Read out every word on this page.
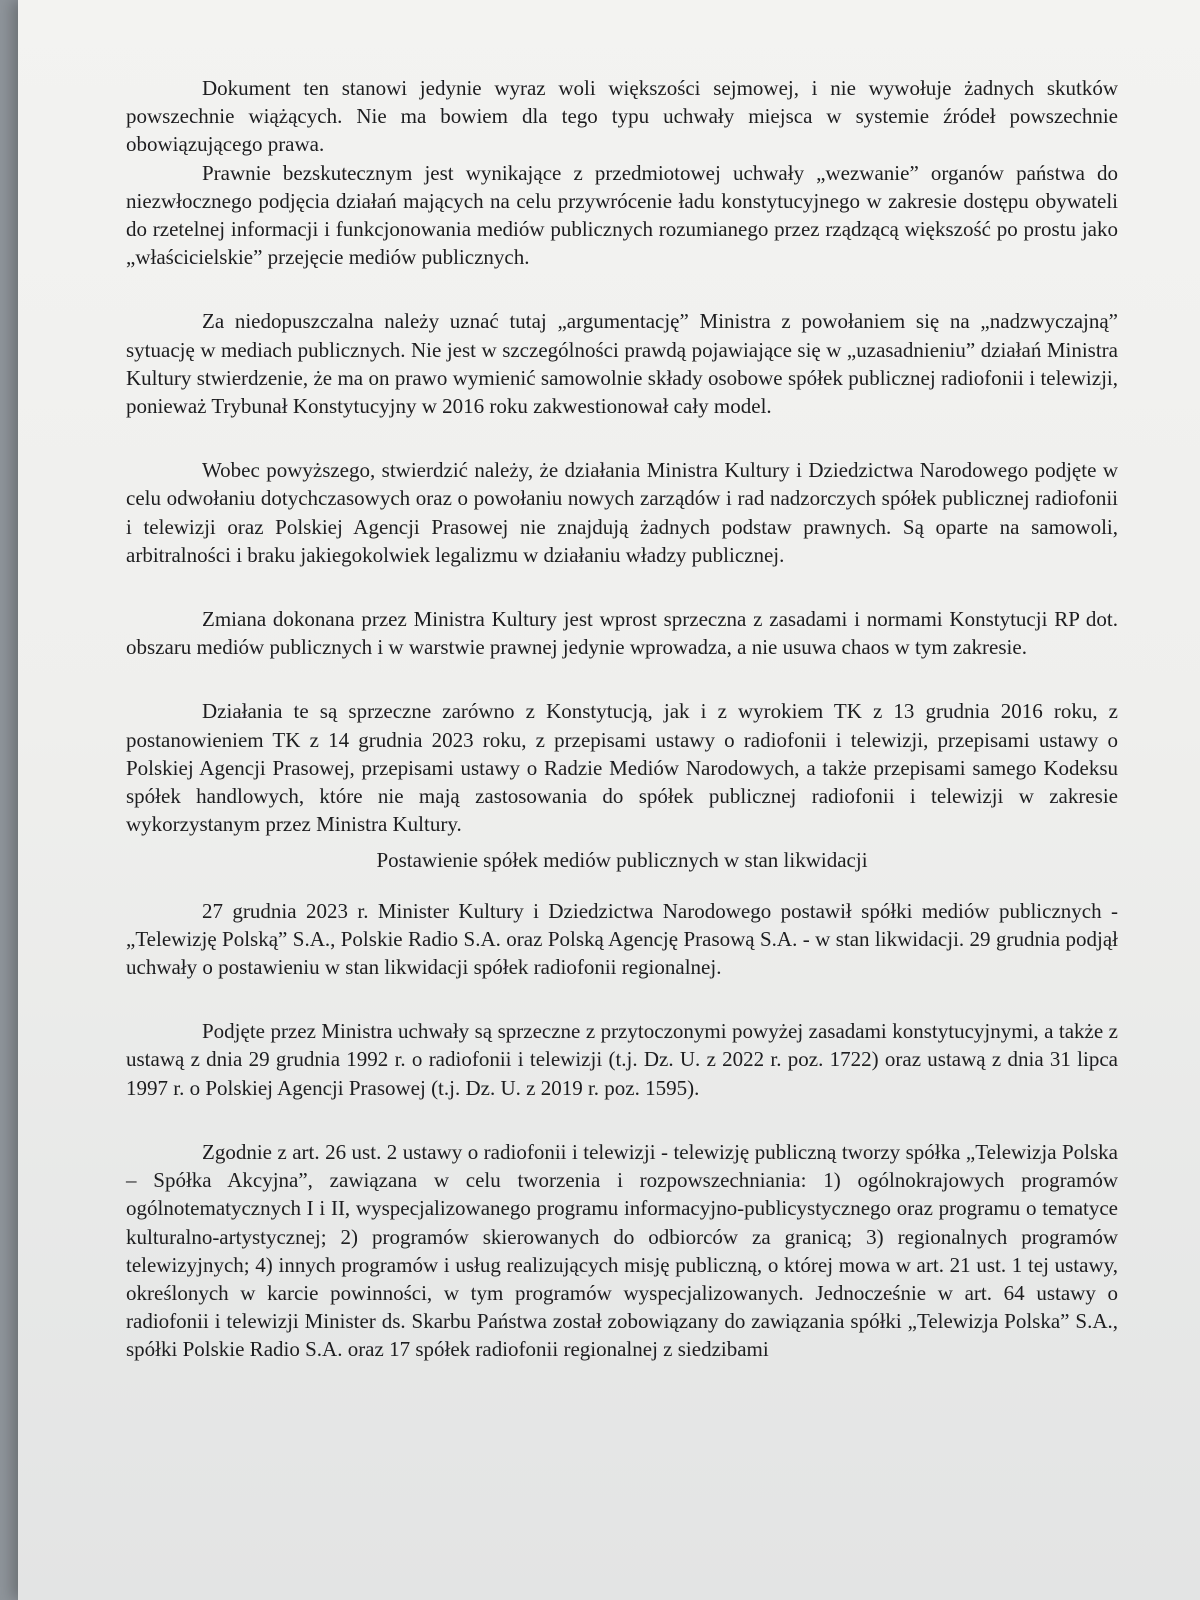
Dokument ten stanowi jedynie wyraz woli większości sejmowej, i nie wywołuje żadnych skutków powszechnie wiążących. Nie ma bowiem dla tego typu uchwały miejsca w systemie źródeł powszechnie obowiązującego prawa.

Prawnie bezskutecznym jest wynikające z przedmiotowej uchwały „wezwanie” organów państwa do niezwłocznego podjęcia działań mających na celu przywrócenie ładu konstytucyjnego w zakresie dostępu obywateli do rzetelnej informacji i funkcjonowania mediów publicznych rozumianego przez rządzącą większość po prostu jako „właścicielskie” przejęcie mediów publicznych.

Za niedopuszczalna należy uznać tutaj „argumentację” Ministra z powołaniem się na „nadzwyczajną” sytuację w mediach publicznych. Nie jest w szczególności prawdą pojawiające się w „uzasadnieniu” działań Ministra Kultury stwierdzenie, że ma on prawo wymienić samowolnie składy osobowe spółek publicznej radiofonii i telewizji, ponieważ Trybunał Konstytucyjny w 2016 roku zakwestionował cały model.

Wobec powyższego, stwierdzić należy, że działania Ministra Kultury i Dziedzictwa Narodowego podjęte w celu odwołaniu dotychczasowych oraz o powołaniu nowych zarządów i rad nadzorczych spółek publicznej radiofonii i telewizji oraz Polskiej Agencji Prasowej nie znajdują żadnych podstaw prawnych. Są oparte na samowoli, arbitralności i braku jakiegokolwiek legalizmu w działaniu władzy publicznej.

Zmiana dokonana przez Ministra Kultury jest wprost sprzeczna z zasadami i normami Konstytucji RP dot. obszaru mediów publicznych i w warstwie prawnej jedynie wprowadza, a nie usuwa chaos w tym zakresie.

Działania te są sprzeczne zarówno z Konstytucją, jak i z wyrokiem TK z 13 grudnia 2016 roku, z postanowieniem TK z 14 grudnia 2023 roku, z przepisami ustawy o radiofonii i telewizji, przepisami ustawy o Polskiej Agencji Prasowej, przepisami ustawy o Radzie Mediów Narodowych, a także przepisami samego Kodeksu spółek handlowych, które nie mają zastosowania do spółek publicznej radiofonii i telewizji w zakresie wykorzystanym przez Ministra Kultury.

Postawienie spółek mediów publicznych w stan likwidacji

27 grudnia 2023 r. Minister Kultury i Dziedzictwa Narodowego postawił spółki mediów publicznych - „Telewizję Polską” S.A., Polskie Radio S.A. oraz Polską Agencję Prasową S.A. - w stan likwidacji. 29 grudnia podjął uchwały o postawieniu w stan likwidacji spółek radiofonii regionalnej.

Podjęte przez Ministra uchwały są sprzeczne z przytoczonymi powyżej zasadami konstytucyjnymi, a także z ustawą z dnia 29 grudnia 1992 r. o radiofonii i telewizji (t.j. Dz. U. z 2022 r. poz. 1722) oraz ustawą z dnia 31 lipca 1997 r. o Polskiej Agencji Prasowej (t.j. Dz. U. z 2019 r. poz. 1595).

Zgodnie z art. 26 ust. 2 ustawy o radiofonii i telewizji - telewizję publiczną tworzy spółka „Telewizja Polska – Spółka Akcyjna”, zawiązana w celu tworzenia i rozpowszechniania: 1) ogólnokrajowych programów ogólnotematycznych I i II, wyspecjalizowanego programu informacyjno-publicystycznego oraz programu o tematyce kulturalno-artystycznej; 2) programów skierowanych do odbiorców za granicą; 3) regionalnych programów telewizyjnych; 4) innych programów i usług realizujących misję publiczną, o której mowa w art. 21 ust. 1 tej ustawy, określonych w karcie powinności, w tym programów wyspecjalizowanych. Jednocześnie w art. 64 ustawy o radiofonii i telewizji Minister ds. Skarbu Państwa został zobowiązany do zawiązania spółki „Telewizja Polska” S.A., spółki Polskie Radio S.A. oraz 17 spółek radiofonii regionalnej z siedzibami
